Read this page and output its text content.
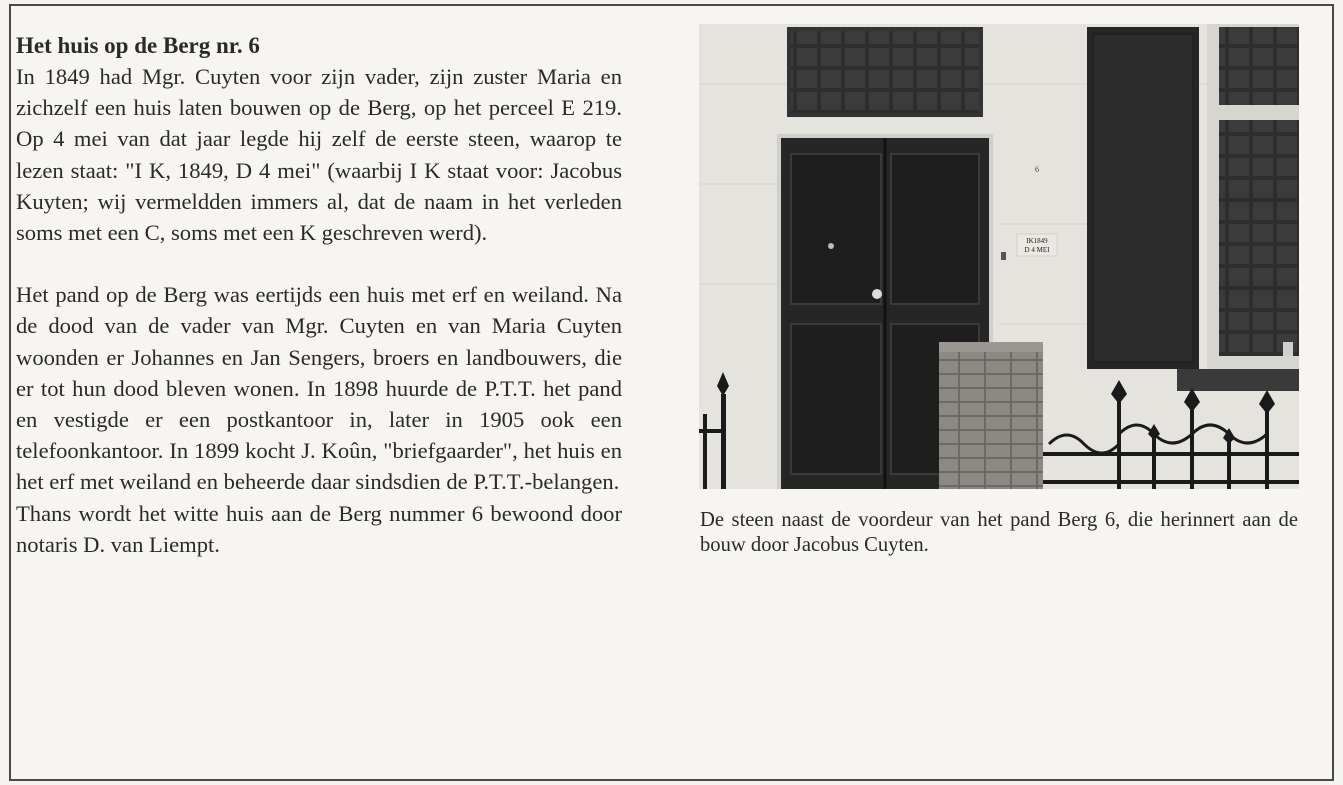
Het huis op de Berg nr. 6

In 1849 had Mgr. Cuyten voor zijn vader, zijn zuster Maria en zichzelf een huis laten bouwen op de Berg, op het perceel E 219. Op 4 mei van dat jaar legde hij zelf de eerste steen, waarop te lezen staat: "I K, 1849, D 4 mei" (waarbij I K staat voor: Jacobus Kuyten; wij vermeldden immers al, dat de naam in het verleden soms met een C, soms met een K geschreven werd).

Het pand op de Berg was eertijds een huis met erf en weiland. Na de dood van de vader van Mgr. Cuyten en van Maria Cuyten woonden er Johannes en Jan Sengers, broers en landbouwers, die er tot hun dood bleven wonen. In 1898 huurde de P.T.T. het pand en vestigde er een postkantoor in, later in 1905 ook een telefoonkantoor. In 1899 kocht J. Koûn, "briefgaarder", het huis en het erf met weiland en beheerde daar sindsdien de P.T.T.-belangen.

Thans wordt het witte huis aan de Berg nummer 6 bewoond door notaris D. van Liempt.

6
IK1849
D 4 MEI
De steen naast de voordeur van het pand Berg 6, die herinnert aan de bouw door Jacobus Cuyten.
